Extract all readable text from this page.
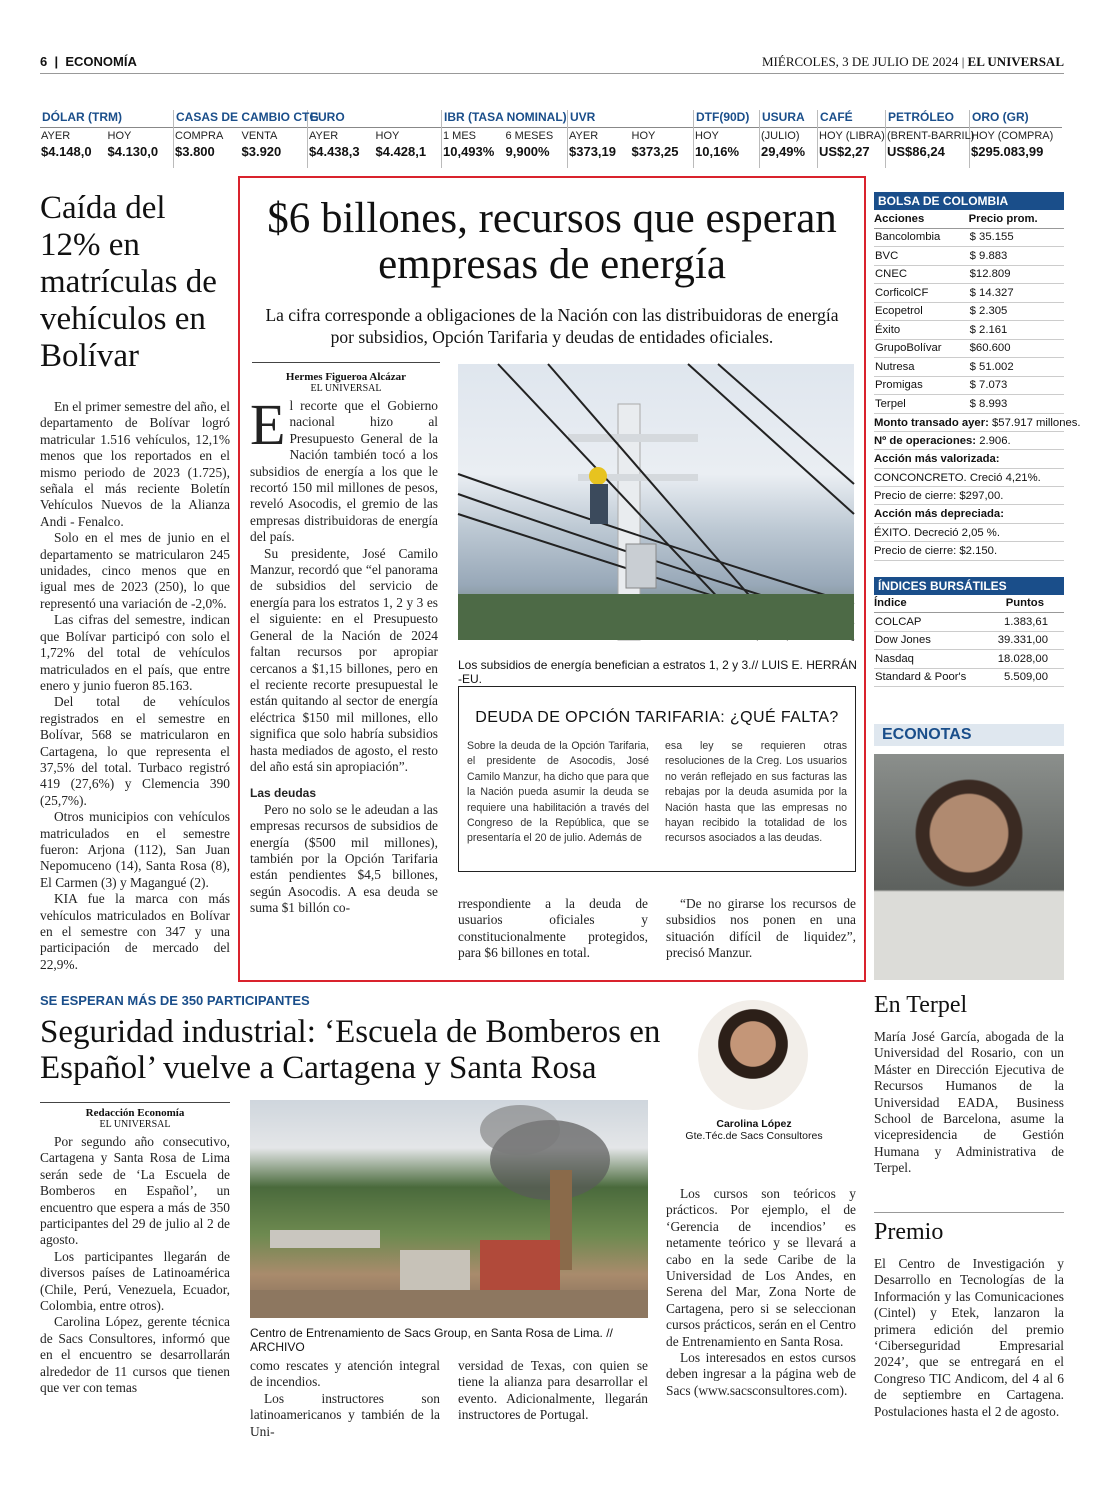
6  |  ECONOMÍA	MIÉRCOLES, 3 DE JULIO DE 2024 | EL UNIVERSAL
DÓLAR (TRM)
AYER	HOY
$4.148,0	$4.130,0
CASAS DE CAMBIO CTG
COMPRA	VENTA
$3.800	$3.920
EURO
AYER	HOY
$4.438,3	$4.428,1
IBR (TASA NOMINAL)
1 MES	6 MESES
10,493% 9,900%
UVR
AYER	HOY
$373,19	$373,25
DTF(90D)
HOY
10,16%
USURA
(JULIO)
29,49%
CAFÉ
HOY (LIBRA)
US$2,27
PETRÓLEO
(BRENT-BARRIL)
US$86,24
ORO (GR)
HOY (COMPRA)
$295.083,99
Caída del 12% en matrículas de vehículos en Bolívar

En el primer semestre del año, el departamento de Bolívar logró matricular 1.516 vehículos, 12,1% menos que los reportados en el mismo periodo de 2023 (1.725), señala el más reciente Boletín Vehículos Nuevos de la Alianza Andi - Fenalco.

Solo en el mes de junio en el departamento se matricularon 245 unidades, cinco menos que en igual mes de 2023 (250), lo que representó una variación de -2,0%.

Las cifras del semestre, indican que Bolívar participó con solo el 1,72% del total de vehículos matriculados en el país, que entre enero y junio fueron 85.163.

Del total de vehículos registrados en el semestre en Bolívar, 568 se matricularon en Cartagena, lo que representa el 37,5% del total. Turbaco registró 419 (27,6%) y Clemencia 390 (25,7%).

Otros municipios con vehículos matriculados en el semestre fueron: Arjona (112), San Juan Nepomuceno (14), Santa Rosa (8), El Carmen (3) y Magangué (2).

KIA fue la marca con más vehículos matriculados en Bolívar en el semestre con 347 y una participación de mercado del 22,9%.

$6 billones, recursos que esperan empresas de energía
La cifra corresponde a obligaciones de la Nación con las distribuidoras de energía por subsidios, Opción Tarifaria y deudas de entidades oficiales.
Hermes Figueroa Alcázar
EL UNIVERSAL

El recorte que el Gobierno nacional hizo al Presupuesto General de la Nación también tocó a los subsidios de energía a los que le recortó 150 mil millones de pesos, reveló Asocodis, el gremio de las empresas distribuidoras de energía del país.

Su presidente, José Camilo Manzur, recordó que “el panorama de subsidios del servicio de energía para los estratos 1, 2 y 3 es el siguiente: en el Presupuesto General de la Nación de 2024 faltan recursos por apropiar cercanos a $1,15 billones, pero en el reciente recorte presupuestal le están quitando al sector de energía eléctrica $150 mil millones, ello significa que solo habría subsidios hasta mediados de agosto, el resto del año está sin apropiación”.

Las deudas

Pero no solo se le adeudan a las empresas recursos de subsidios de energía ($500 mil millones), también por la Opción Tarifaria están pendientes $4,5 billones, según Asocodis. A esa deuda se suma $1 billón co-

Los subsidios de energía benefician a estratos 1, 2 y 3.// LUIS E. HERRÁN -EU.
DEUDA DE OPCIÓN TARIFARIA: ¿QUÉ FALTA?
Sobre la deuda de la Opción Tarifaria, el presidente de Asocodis, José Camilo Manzur, ha dicho que para que la Nación pueda asumir la deuda se requiere una habilitación a través del Congreso de la República, que se presentaría el 20 de julio. Además de
esa ley se requieren otras resoluciones de la Creg. Los usuarios no verán reflejado en sus facturas las rebajas por la deuda asumida por la Nación hasta que las empresas no hayan recibido la totalidad de los recursos asociados a las deudas.

rrespondiente a la deuda de usuarios oficiales y constitucionalmente protegidos, para $6 billones en total.

“De no girarse los recursos de subsidios nos ponen en una situación difícil de liquidez”, precisó Manzur.

BOLSA DE COLOMBIA
Acciones	Precio prom.
Bancolombia	$ 35.155
BVC	$ 9.883
CNEC	$12.809
CorficolCF	$ 14.327
Ecopetrol	$ 2.305
Éxito	$ 2.161
GrupoBolívar	$60.600
Nutresa	$ 51.002
Promigas	$ 7.073
Terpel	$ 8.993
Monto transado ayer: $57.917 millones.
Nº de operaciones: 2.906.
Acción más valorizada:
CONCONCRETO. Creció 4,21%.
Precio de cierre: $297,00.
Acción más depreciada:
ÉXITO. Decreció 2,05 %.
Precio de cierre: $2.150.
ÍNDICES BURSÁTILES
Índice	Puntos
COLCAP	1.383,61
Dow Jones	39.331,00
Nasdaq	18.028,00
Standard & Poor's	5.509,00
ECONOTAS
En Terpel
María José García, abogada de la Universidad del Rosario, con un Máster en Dirección Ejecutiva de Recursos Humanos de la Universidad EADA, Business School de Barcelona, asume la vicepresidencia de Gestión Humana y Administrativa de Terpel.
Premio
El Centro de Investigación y Desarrollo en Tecnologías de la Información y las Comunicaciones (Cintel) y Etek, lanzaron la primera edición del premio ‘Ciberseguridad Empresarial 2024’, que se entregará en el Congreso TIC Andicom, del 4 al 6 de septiembre en Cartagena. Postulaciones hasta el 2 de agosto.
SE ESPERAN MÁS DE 350 PARTICIPANTES
Seguridad industrial: ‘Escuela de Bomberos en Español’ vuelve a Cartagena y Santa Rosa
Redacción Economía
EL UNIVERSAL

Por segundo año consecutivo, Cartagena y Santa Rosa de Lima serán sede de ‘La Escuela de Bomberos en Español’, un encuentro que espera a más de 350 participantes del 29 de julio al 2 de agosto.

Los participantes llegarán de diversos países de Latinoamérica (Chile, Perú, Venezuela, Ecuador, Colombia, entre otros).

Carolina López, gerente técnica de Sacs Consultores, informó que en el encuentro se desarrollarán alrededor de 11 cursos que tienen que ver con temas

Centro de Entrenamiento de Sacs Group, en Santa Rosa de Lima. // ARCHIVO

como rescates y atención integral de incendios.

Los instructores son latinoamericanos y también de la Uni-

versidad de Texas, con quien se tiene la alianza para desarrollar el evento. Adicionalmente, llegarán instructores de Portugal.

Carolina López
Gte.Téc.de Sacs Consultores

Los cursos son teóricos y prácticos. Por ejemplo, el de ‘Gerencia de incendios’ es netamente teórico y se llevará a cabo en la sede Caribe de la Universidad de Los Andes, en Serena del Mar, Zona Norte de Cartagena, pero si se seleccionan cursos prácticos, serán en el Centro de Entrenamiento en Santa Rosa.

Los interesados en estos cursos deben ingresar a la página web de Sacs (www.sacsconsultores.com).
